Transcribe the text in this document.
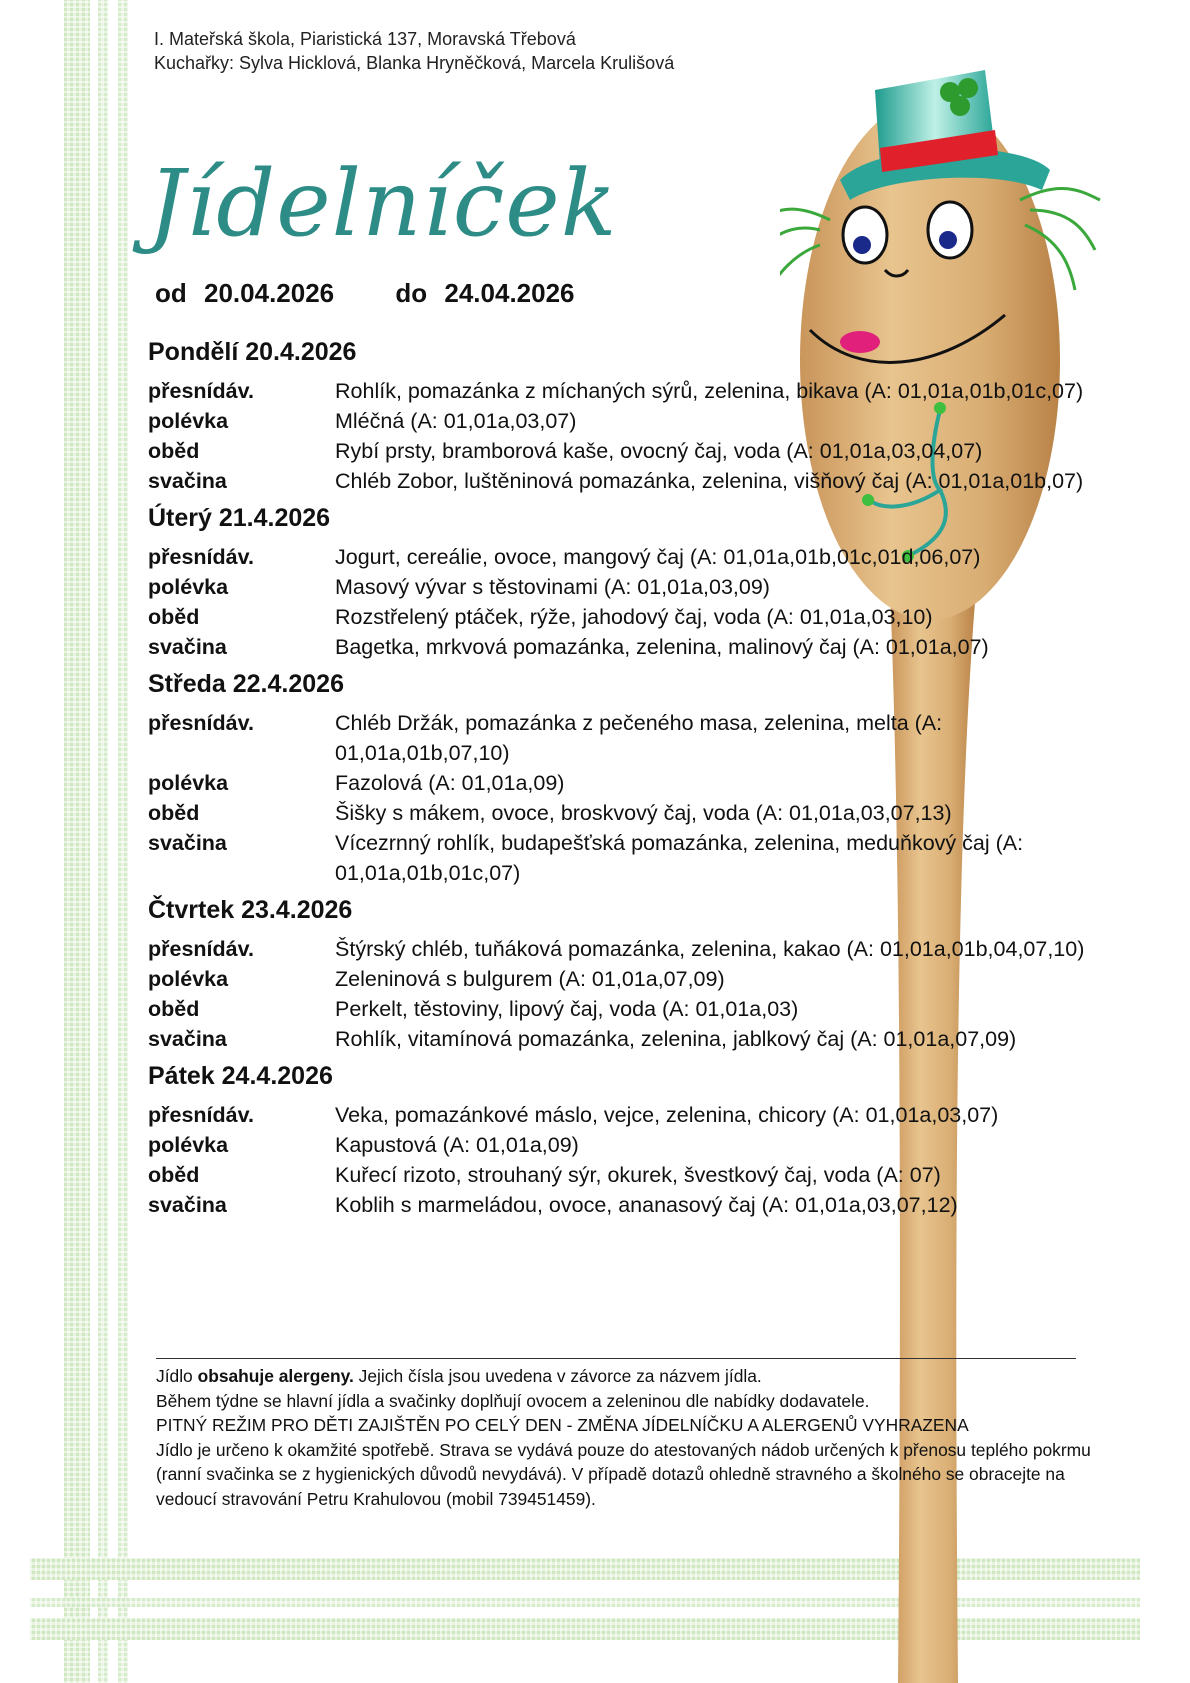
I. Mateřská škola, Piaristická 137, Moravská Třebová
Kuchařky: Sylva Hicklová, Blanka Hryněčková, Marcela Krulišová
Jídelníček
od 20.04.2026 do 24.04.2026
Pondělí 20.4.2026
přesnídáv.	Rohlík, pomazánka z míchaných sýrů, zelenina, bikava (A: 01,01a,01b,01c,07)
polévka	Mléčná (A: 01,01a,03,07)
oběd	Rybí prsty, bramborová kaše, ovocný čaj, voda (A: 01,01a,03,04,07)
svačina	Chléb Zobor, luštěninová pomazánka, zelenina, višňový čaj (A: 01,01a,01b,07)
Úterý 21.4.2026
přesnídáv.	Jogurt, cereálie, ovoce, mangový čaj (A: 01,01a,01b,01c,01d,06,07)
polévka	Masový vývar s těstovinami (A: 01,01a,03,09)
oběd	Rozstřelený ptáček, rýže, jahodový čaj, voda (A: 01,01a,03,10)
svačina	Bagetka, mrkvová pomazánka, zelenina, malinový čaj (A: 01,01a,07)
Středa 22.4.2026
přesnídáv.	Chléb Držák, pomazánka z pečeného masa, zelenina, melta (A: 01,01a,01b,07,10)
polévka	Fazolová (A: 01,01a,09)
oběd	Šišky s mákem, ovoce, broskvový čaj, voda (A: 01,01a,03,07,13)
svačina	Vícezrnný rohlík, budapešťská pomazánka, zelenina, meduňkový čaj (A: 01,01a,01b,01c,07)
Čtvrtek 23.4.2026
přesnídáv.	Štýrský chléb, tuňáková pomazánka, zelenina, kakao (A: 01,01a,01b,04,07,10)
polévka	Zeleninová s bulgurem (A: 01,01a,07,09)
oběd	Perkelt, těstoviny, lipový čaj, voda (A: 01,01a,03)
svačina	Rohlík, vitamínová pomazánka, zelenina, jablkový čaj (A: 01,01a,07,09)
Pátek 24.4.2026
přesnídáv.	Veka, pomazánkové máslo, vejce, zelenina, chicory (A: 01,01a,03,07)
polévka	Kapustová (A: 01,01a,09)
oběd	Kuřecí rizoto, strouhaný sýr, okurek, švestkový čaj, voda (A: 07)
svačina	Koblih s marmeládou, ovoce, ananasový čaj (A: 01,01a,03,07,12)

Jídlo obsahuje alergeny. Jejich čísla jsou uvedena v závorce za názvem jídla.

Během týdne se hlavní jídla a svačinky doplňují ovocem a zeleninou dle nabídky dodavatele.

PITNÝ REŽIM PRO DĚTI ZAJIŠTĚN PO CELÝ DEN - ZMĚNA JÍDELNÍČKU A ALERGENŮ VYHRAZENA

Jídlo je určeno k okamžité spotřebě. Strava se vydává pouze do atestovaných nádob určených k přenosu teplého pokrmu (ranní svačinka se z hygienických důvodů nevydává). V případě dotazů ohledně stravného a školného se obracejte na vedoucí stravování Petru Krahulovou (mobil 739451459).
